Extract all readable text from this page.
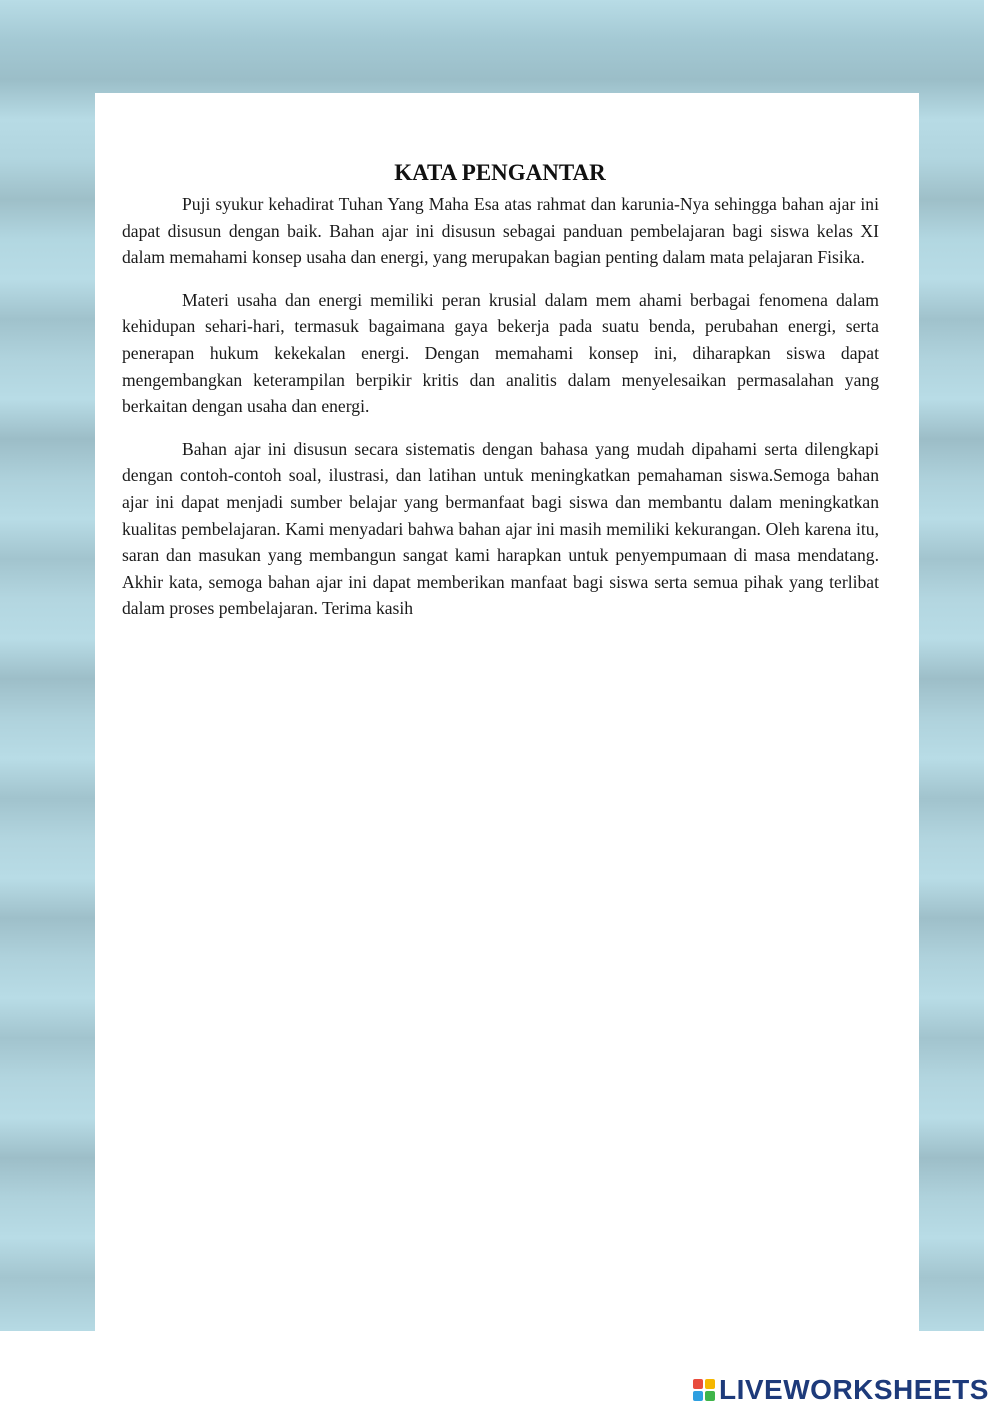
KATA PENGANTAR

Puji syukur kehadirat Tuhan Yang Maha Esa atas rahmat dan karunia-Nya sehingga bahan ajar ini dapat disusun dengan baik. Bahan ajar ini disusun sebagai panduan pembelajaran bagi siswa kelas XI dalam memahami konsep usaha dan energi, yang merupakan bagian penting dalam mata pelajaran Fisika.

Materi usaha dan energi memiliki peran krusial dalam mem ahami berbagai fenomena dalam kehidupan sehari-hari, termasuk bagaimana gaya bekerja pada suatu benda, perubahan energi, serta penerapan hukum kekekalan energi. Dengan memahami konsep ini, diharapkan siswa dapat mengembangkan keterampilan berpikir kritis dan analitis dalam menyelesaikan permasalahan yang berkaitan dengan usaha dan energi.

Bahan ajar ini disusun secara sistematis dengan bahasa yang mudah dipahami serta dilengkapi dengan contoh-contoh soal, ilustrasi, dan latihan untuk meningkatkan pemahaman siswa.Semoga bahan ajar ini dapat menjadi sumber belajar yang bermanfaat bagi siswa dan membantu dalam meningkatkan kualitas pembelajaran. Kami menyadari bahwa bahan ajar ini masih memiliki kekurangan. Oleh karena itu, saran dan masukan yang membangun sangat kami harapkan untuk penyempumaan di masa mendatang. Akhir kata, semoga bahan ajar ini dapat memberikan manfaat bagi siswa serta semua pihak yang terlibat dalam proses pembelajaran. Terima kasih

LIVEWORKSHEETS
